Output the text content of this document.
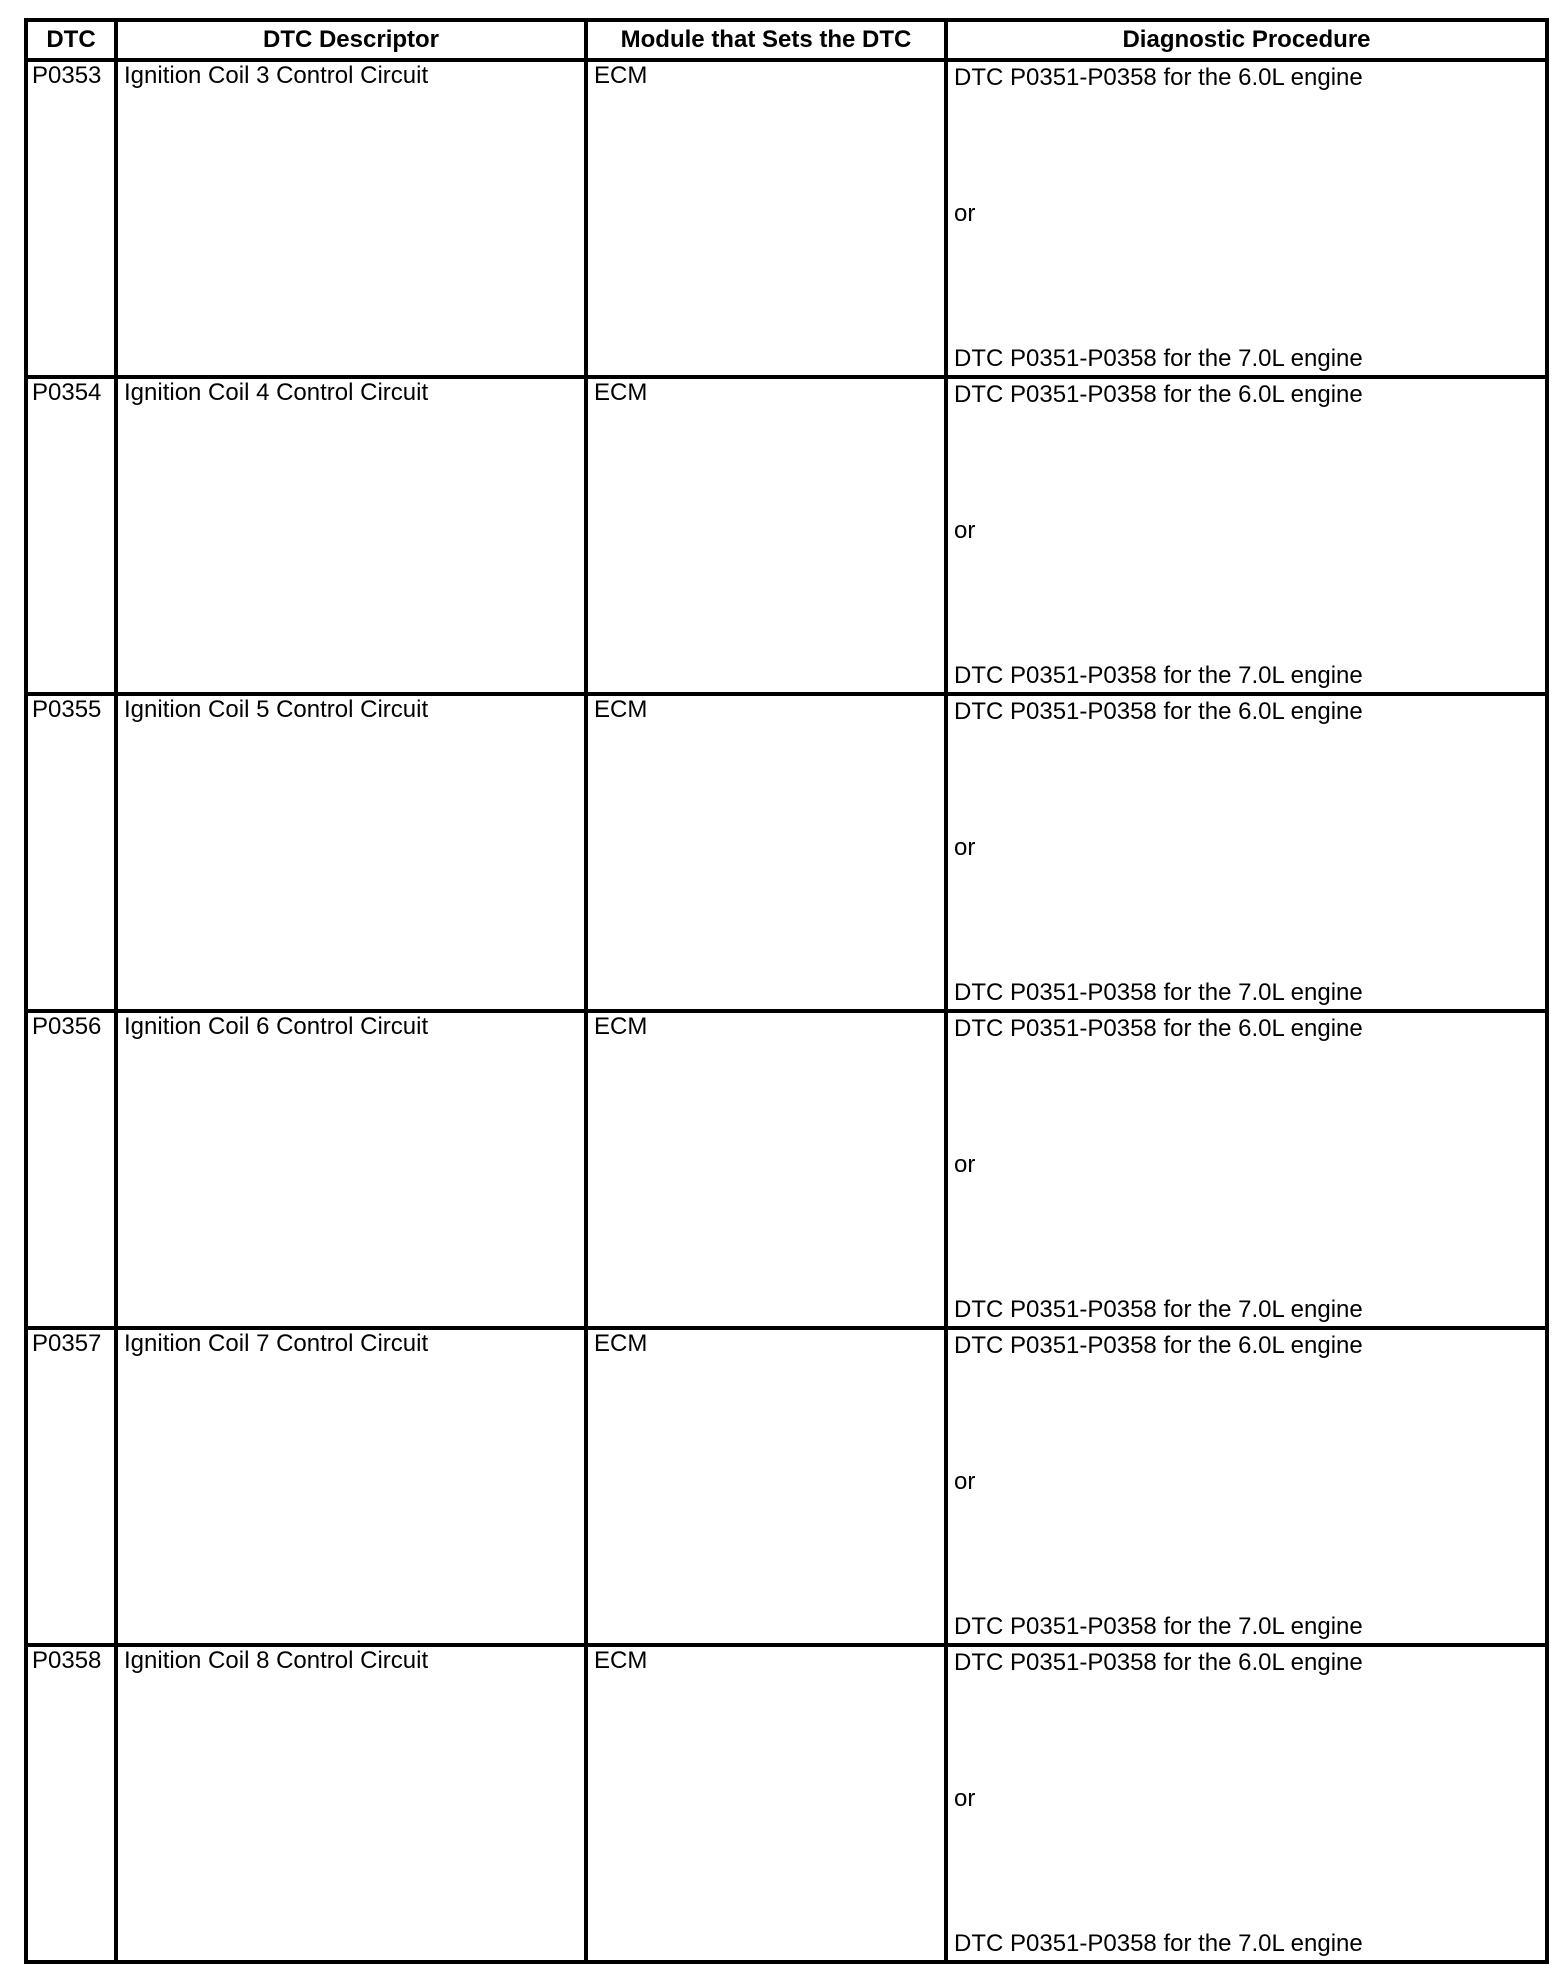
DTC	DTC Descriptor	Module that Sets the DTC	Diagnostic Procedure

P0353	Ignition Coil 3 Control Circuit	ECM	DTC P0351-P0358 for the 6.0L engine
or
DTC P0351-P0358 for the 7.0L engine

P0354	Ignition Coil 4 Control Circuit	ECM	DTC P0351-P0358 for the 6.0L engine
or
DTC P0351-P0358 for the 7.0L engine

P0355	Ignition Coil 5 Control Circuit	ECM	DTC P0351-P0358 for the 6.0L engine
or
DTC P0351-P0358 for the 7.0L engine

P0356	Ignition Coil 6 Control Circuit	ECM	DTC P0351-P0358 for the 6.0L engine
or
DTC P0351-P0358 for the 7.0L engine

P0357	Ignition Coil 7 Control Circuit	ECM	DTC P0351-P0358 for the 6.0L engine
or
DTC P0351-P0358 for the 7.0L engine

P0358	Ignition Coil 8 Control Circuit	ECM	DTC P0351-P0358 for the 6.0L engine
or
DTC P0351-P0358 for the 7.0L engine
